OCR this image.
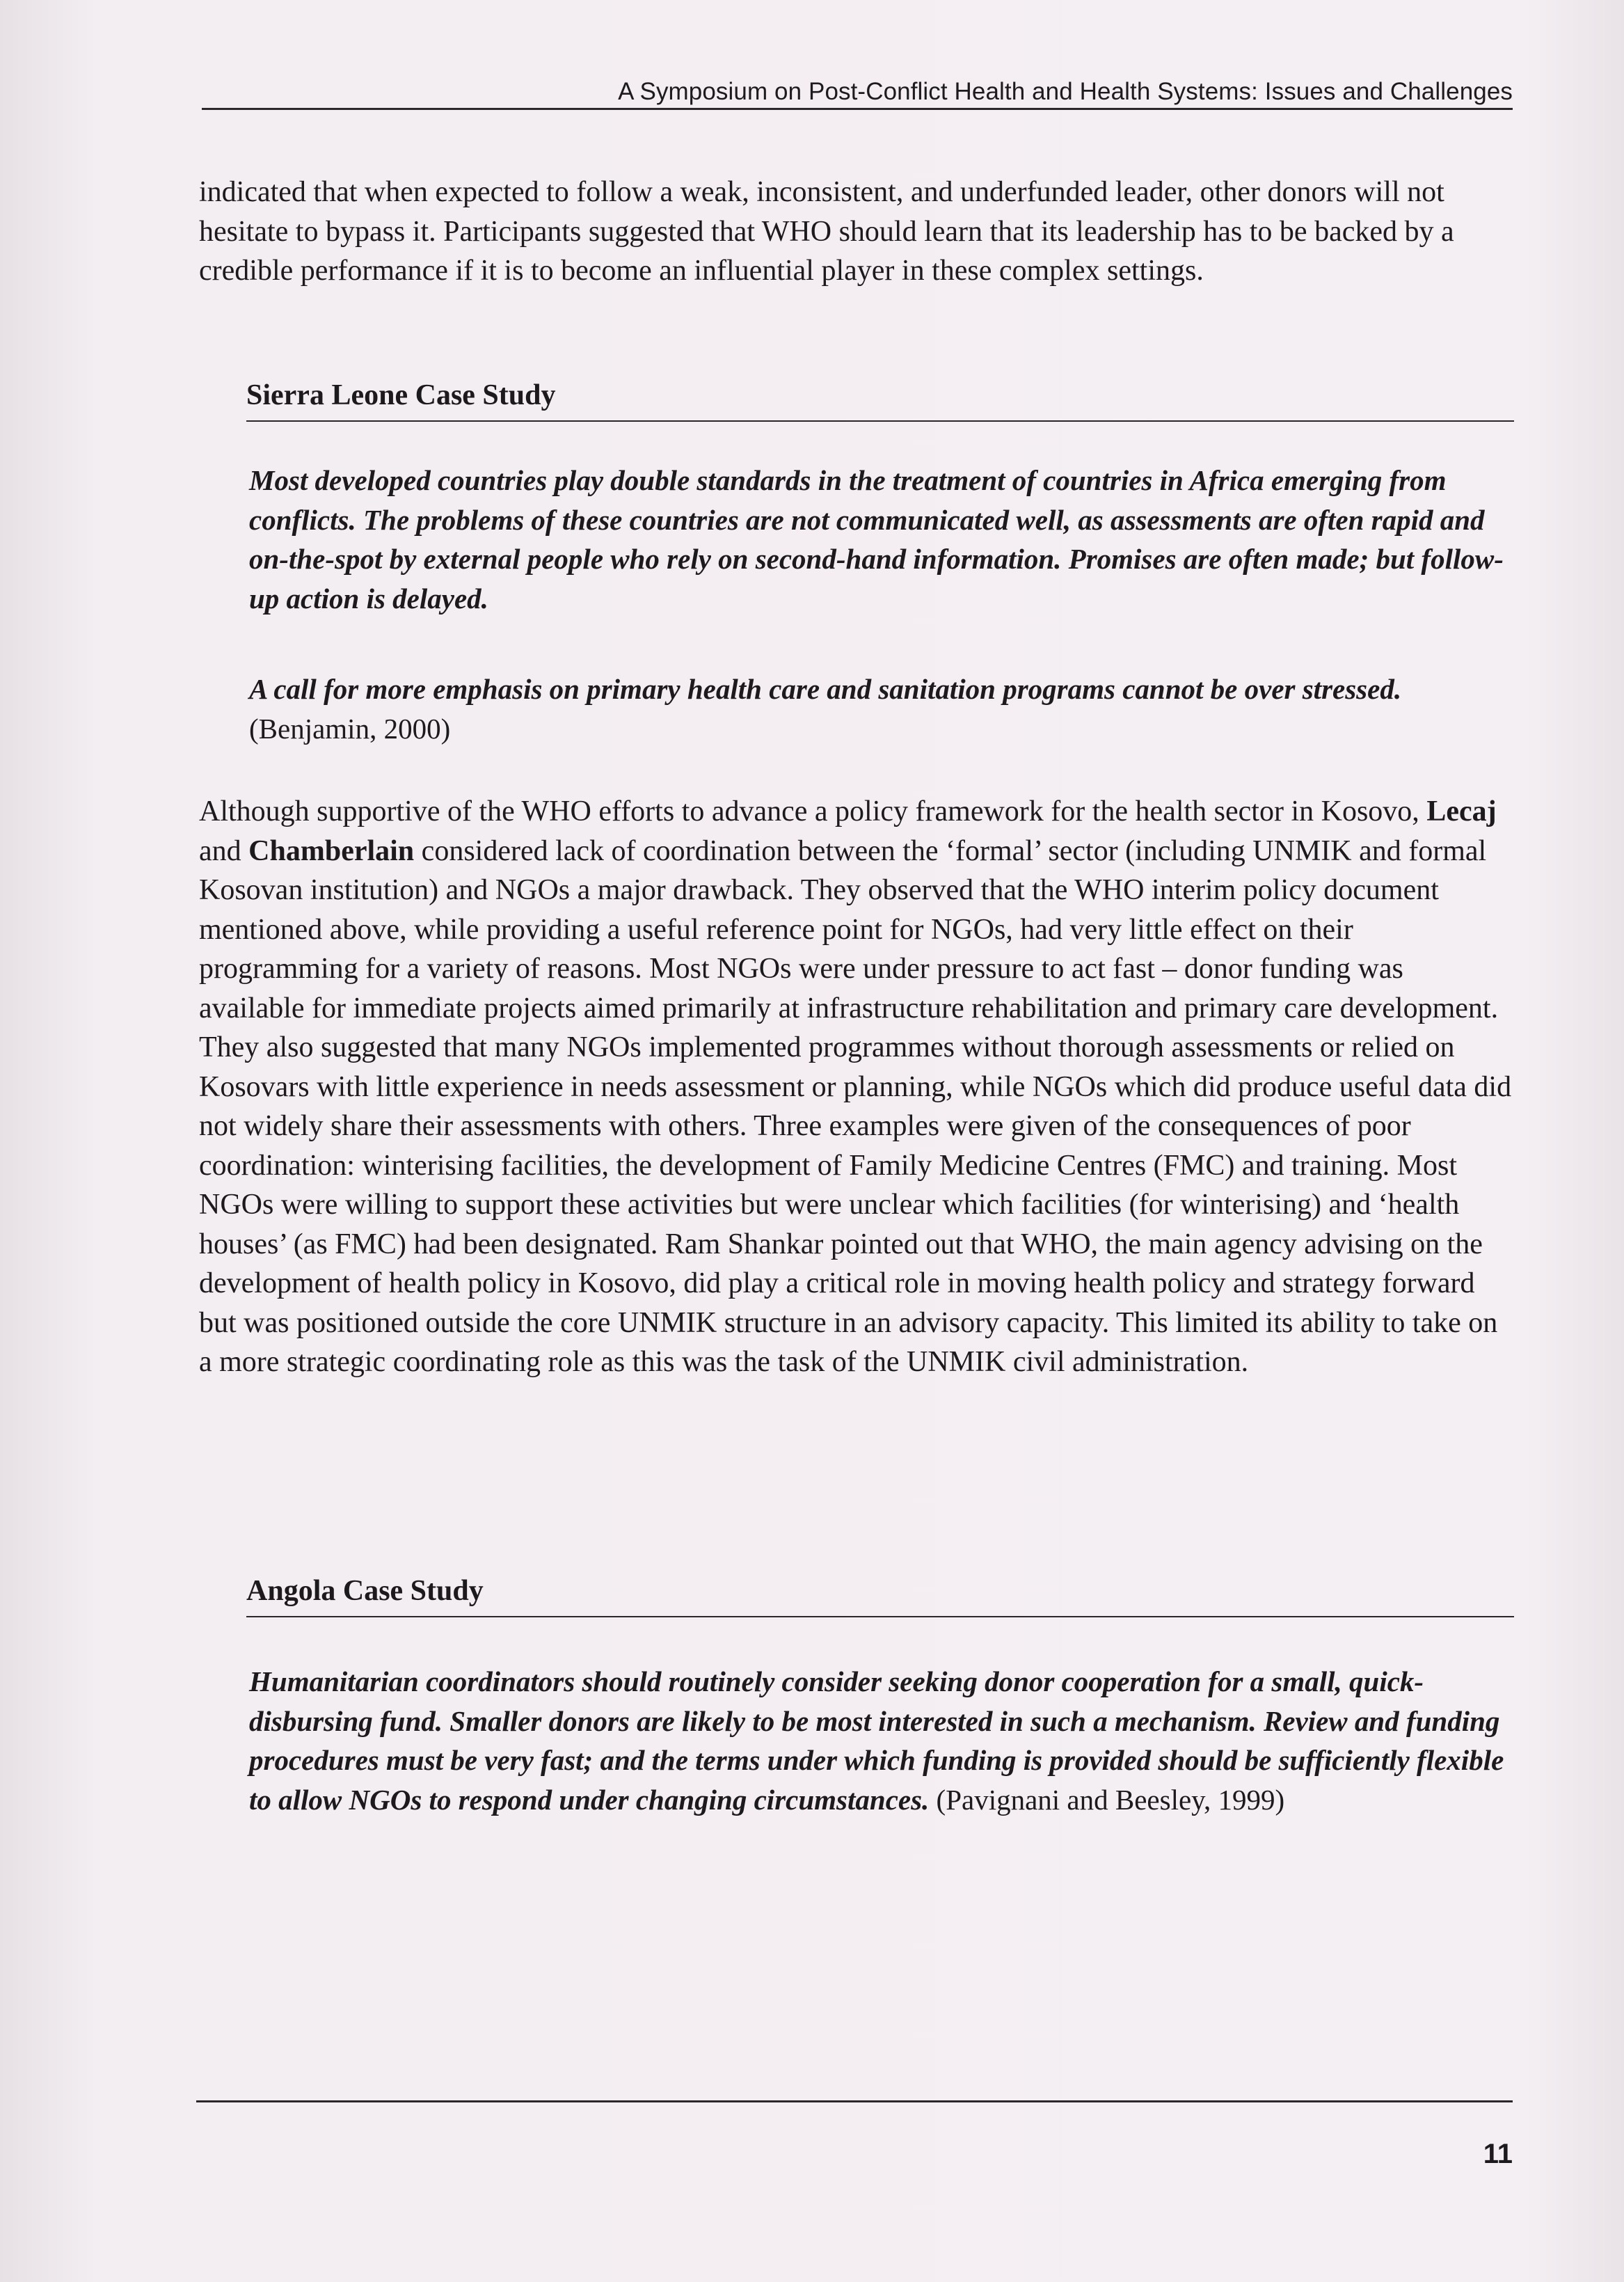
A Symposium on Post-Conflict Health and Health Systems: Issues and Challenges

indicated that when expected to follow a weak, inconsistent, and underfunded leader, other donors will not hesitate to bypass it. Participants suggested that WHO should learn that its leadership has to be backed by a credible performance if it is to become an influential player in these complex settings.

Sierra Leone Case Study

Most developed countries play double standards in the treatment of countries in Africa emerging from conflicts. The problems of these countries are not communicated well, as assessments are often rapid and on-the-spot by external people who rely on second-hand information. Promises are often made; but follow-up action is delayed.

A call for more emphasis on primary health care and sanitation programs cannot be over stressed. (Benjamin, 2000)

Although supportive of the WHO efforts to advance a policy framework for the health sector in Kosovo, Lecaj and Chamberlain considered lack of coordination between the ‘formal’ sector (including UNMIK and formal Kosovan institution) and NGOs a major drawback. They observed that the WHO interim policy document mentioned above, while providing a useful reference point for NGOs, had very little effect on their programming for a variety of reasons. Most NGOs were under pressure to act fast – donor funding was available for immediate projects aimed primarily at infrastructure rehabilitation and primary care development. They also suggested that many NGOs implemented programmes without thorough assessments or relied on Kosovars with little experience in needs assessment or planning, while NGOs which did produce useful data did not widely share their assessments with others. Three examples were given of the consequences of poor coordination: winterising facilities, the development of Family Medicine Centres (FMC) and training. Most NGOs were willing to support these activities but were unclear which facilities (for winterising) and ‘health houses’ (as FMC) had been designated. Ram Shankar pointed out that WHO, the main agency advising on the development of health policy in Kosovo, did play a critical role in moving health policy and strategy forward but was positioned outside the core UNMIK structure in an advisory capacity. This limited its ability to take on a more strategic coordinating role as this was the task of the UNMIK civil administration.

Angola Case Study

Humanitarian coordinators should routinely consider seeking donor cooperation for a small, quick-disbursing fund. Smaller donors are likely to be most interested in such a mechanism. Review and funding procedures must be very fast; and the terms under which funding is provided should be sufficiently flexible to allow NGOs to respond under changing circumstances. (Pavignani and Beesley, 1999)

11
